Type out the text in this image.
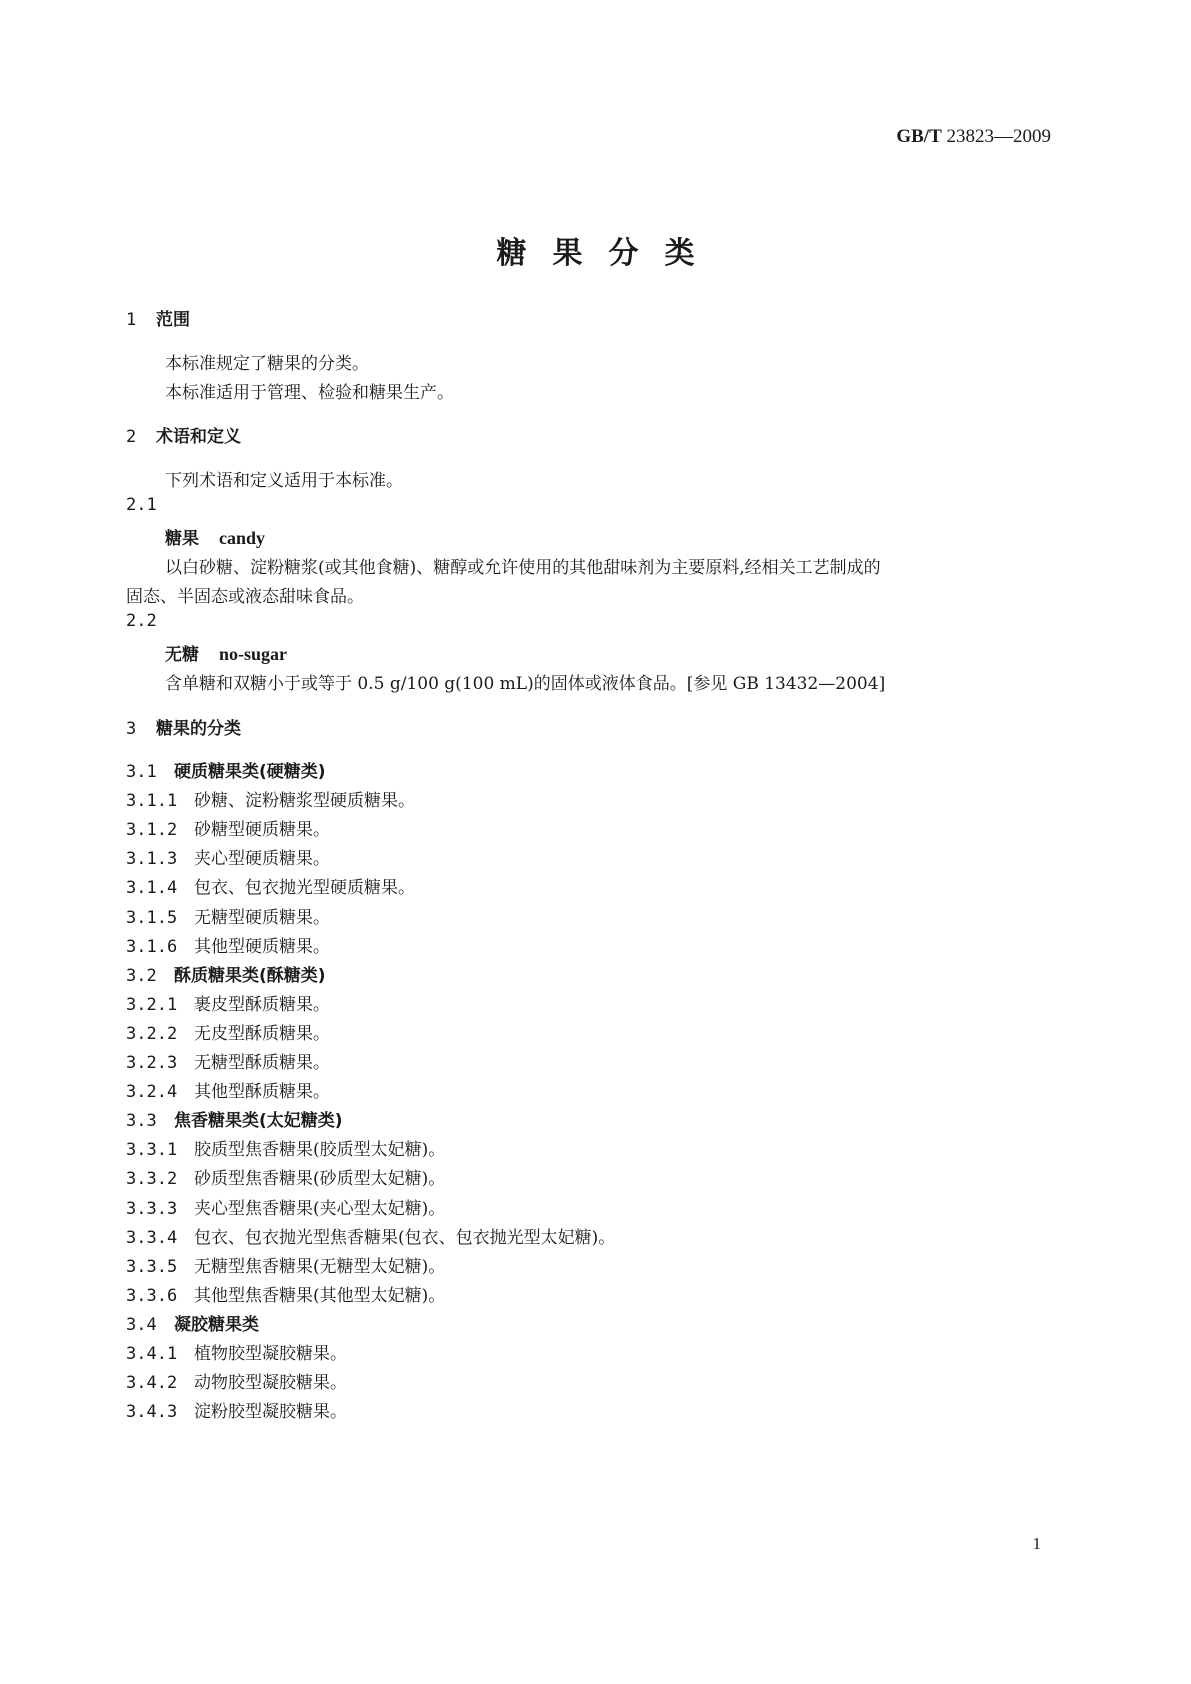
GB/T 23823—2009
糖果分类
1 范围
本标准规定了糖果的分类。
本标准适用于管理、检验和糖果生产。
2 术语和定义
下列术语和定义适用于本标准。
2.1
糖果 candy
以白砂糖、淀粉糖浆(或其他食糖)、糖醇或允许使用的其他甜味剂为主要原料,经相关工艺制成的
固态、半固态或液态甜味食品。
2.2
无糖 no-sugar
含单糖和双糖小于或等于 0.5 g/100 g(100 mL)的固体或液体食品。[参见 GB 13432—2004]
3 糖果的分类
3.1 硬质糖果类(硬糖类)
3.1.1 砂糖、淀粉糖浆型硬质糖果。
3.1.2 砂糖型硬质糖果。
3.1.3 夹心型硬质糖果。
3.1.4 包衣、包衣抛光型硬质糖果。
3.1.5 无糖型硬质糖果。
3.1.6 其他型硬质糖果。
3.2 酥质糖果类(酥糖类)
3.2.1 裹皮型酥质糖果。
3.2.2 无皮型酥质糖果。
3.2.3 无糖型酥质糖果。
3.2.4 其他型酥质糖果。
3.3 焦香糖果类(太妃糖类)
3.3.1 胶质型焦香糖果(胶质型太妃糖)。
3.3.2 砂质型焦香糖果(砂质型太妃糖)。
3.3.3 夹心型焦香糖果(夹心型太妃糖)。
3.3.4 包衣、包衣抛光型焦香糖果(包衣、包衣抛光型太妃糖)。
3.3.5 无糖型焦香糖果(无糖型太妃糖)。
3.3.6 其他型焦香糖果(其他型太妃糖)。
3.4 凝胶糖果类
3.4.1 植物胶型凝胶糖果。
3.4.2 动物胶型凝胶糖果。
3.4.3 淀粉胶型凝胶糖果。
1
